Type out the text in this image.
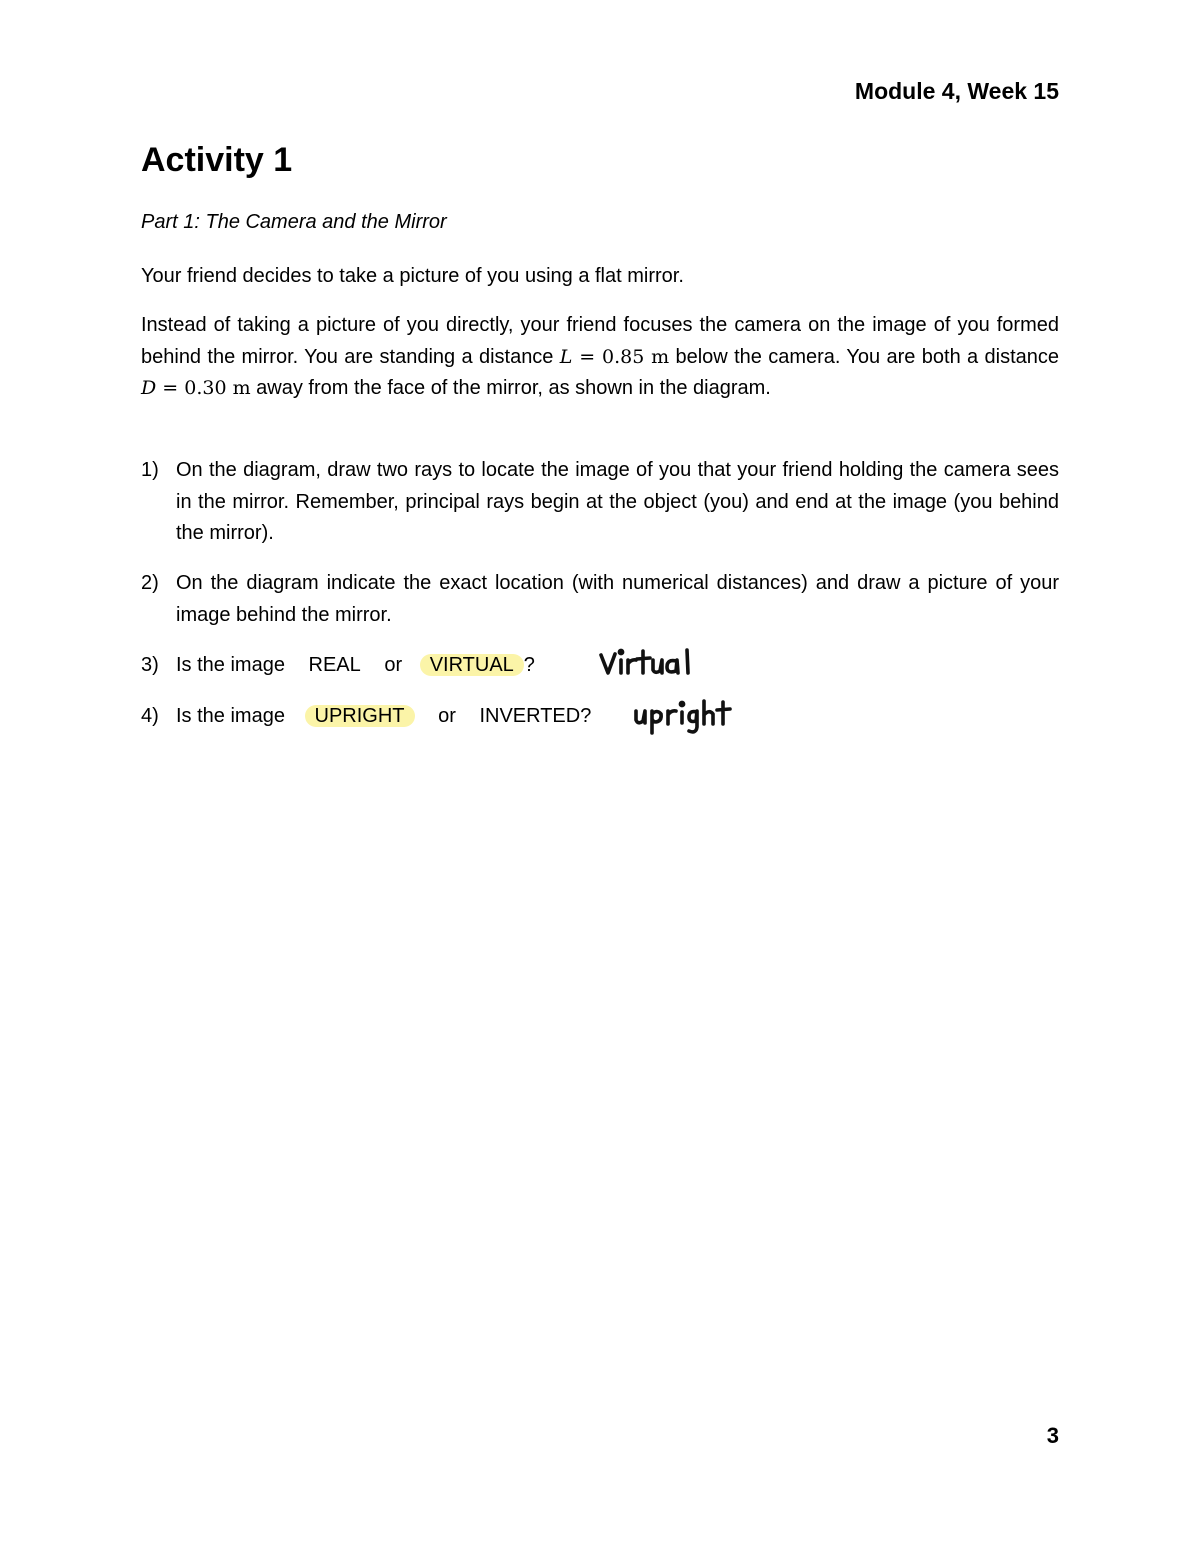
Module 4, Week 15
Activity 1
Part 1: The Camera and the Mirror
Your friend decides to take a picture of you using a flat mirror.
Instead of taking a picture of you directly, your friend focuses the camera on the image of you formed behind the mirror. You are standing a distance L = 0.85 m below the camera. You are both a distance D = 0.30 m away from the face of the mirror, as shown in the diagram.
1) On the diagram, draw two rays to locate the image of you that your friend holding the camera sees in the mirror. Remember, principal rays begin at the object (you) and end at the image (you behind the mirror).
2) On the diagram indicate the exact location (with numerical distances) and draw a picture of your image behind the mirror.
3) Is the image REAL or VIRTUAL ?
4) Is the image UPRIGHT or INVERTED?
3
